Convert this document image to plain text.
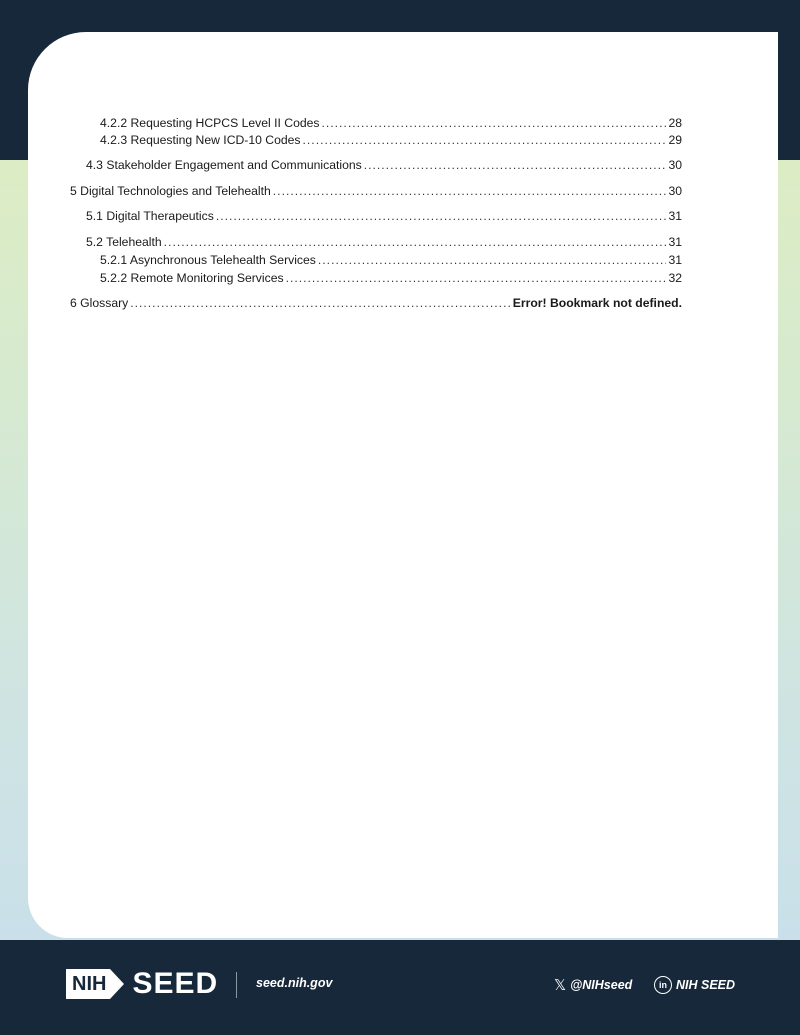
4.2.2 Requesting HCPCS Level II Codes .....	28
4.2.3 Requesting New ICD-10 Codes .....	29
4.3 Stakeholder Engagement and Communications .....	30
5 Digital Technologies and Telehealth .....	30
5.1 Digital Therapeutics .....	31
5.2 Telehealth .....	31
5.2.1 Asynchronous Telehealth Services .....	31
5.2.2 Remote Monitoring Services .....	32
6 Glossary .....	Error! Bookmark not defined.
NIH SEED	seed.nih.gov	𝕏 @NIHseed	in NIH SEED
